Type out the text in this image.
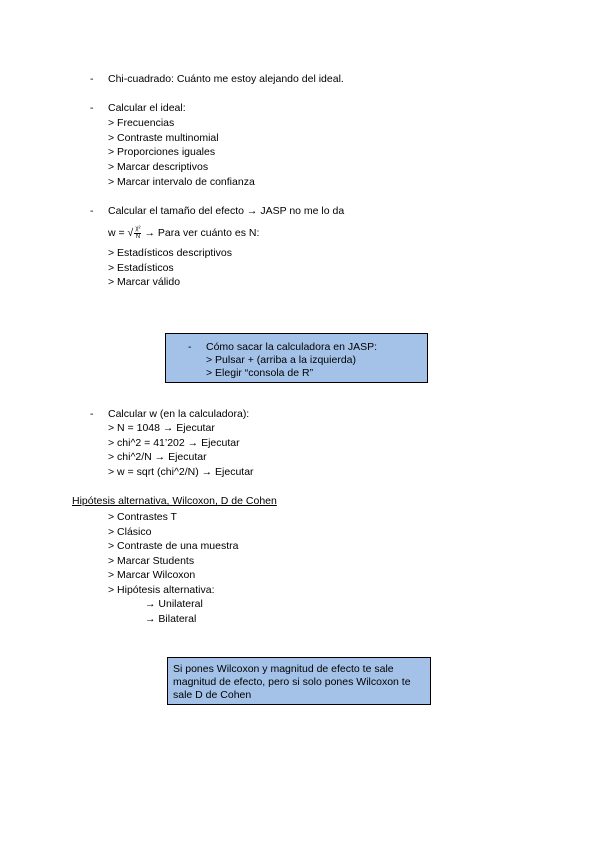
- Chi-cuadrado: Cuánto me estoy alejando del ideal.
- Calcular el ideal:
> Frecuencias
> Contraste multinomial
> Proporciones iguales
> Marcar descriptivos
> Marcar intervalo de confianza
- Calcular el tamaño del efecto → JASP no me lo da
w = √ $\frac{\text{χ²}}{N}$ → Para ver cuánto es N:
> Estadísticos descriptivos
> Estadísticos
> Marcar válido
- Cómo sacar la calculadora en JASP:
> Pulsar + (arriba a la izquierda)
> Elegir “consola de R”
- Calcular w (en la calculadora):
> N = 1048 → Ejecutar
> chi^2 = 41’202 → Ejecutar
> chi^2/N → Ejecutar
> w = sqrt (chi^2/N) → Ejecutar
Hipótesis alternativa, Wilcoxon, D de Cohen
> Contrastes T
> Clásico
> Contraste de una muestra
> Marcar Students
> Marcar Wilcoxon
> Hipótesis alternativa:
→ Unilateral
→ Bilateral
Si pones Wilcoxon y magnitud de efecto te sale
magnitud de efecto, pero si solo pones Wilcoxon te
sale D de Cohen
